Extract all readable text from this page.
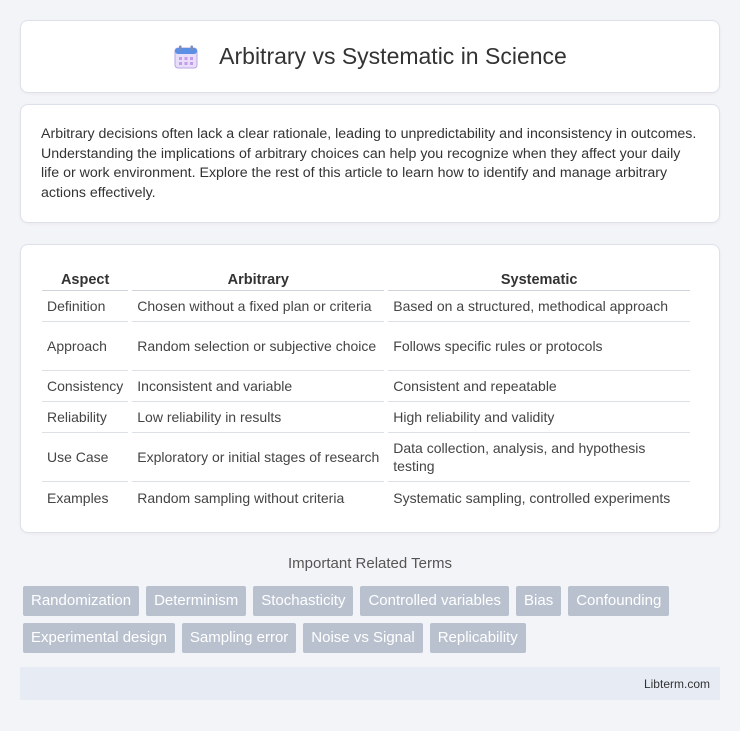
Arbitrary vs Systematic in Science

Arbitrary decisions often lack a clear rationale, leading to unpredictability and inconsistency in outcomes. Understanding the implications of arbitrary choices can help you recognize when they affect your daily life or work environment. Explore the rest of this article to learn how to identify and manage arbitrary actions effectively.

Aspect	Arbitrary	Systematic
Definition	Chosen without a fixed plan or criteria	Based on a structured, methodical approach
Approach	Random selection or subjective choice	Follows specific rules or protocols
Consistency	Inconsistent and variable	Consistent and repeatable
Reliability	Low reliability in results	High reliability and validity
Use Case	Exploratory or initial stages of research	Data collection, analysis, and hypothesis testing
Examples	Random sampling without criteria	Systematic sampling, controlled experiments
Important Related Terms
Randomization	Determinism	Stochasticity	Controlled variables	Bias	Confounding
Experimental design	Sampling error	Noise vs Signal	Replicability
Libterm.com
